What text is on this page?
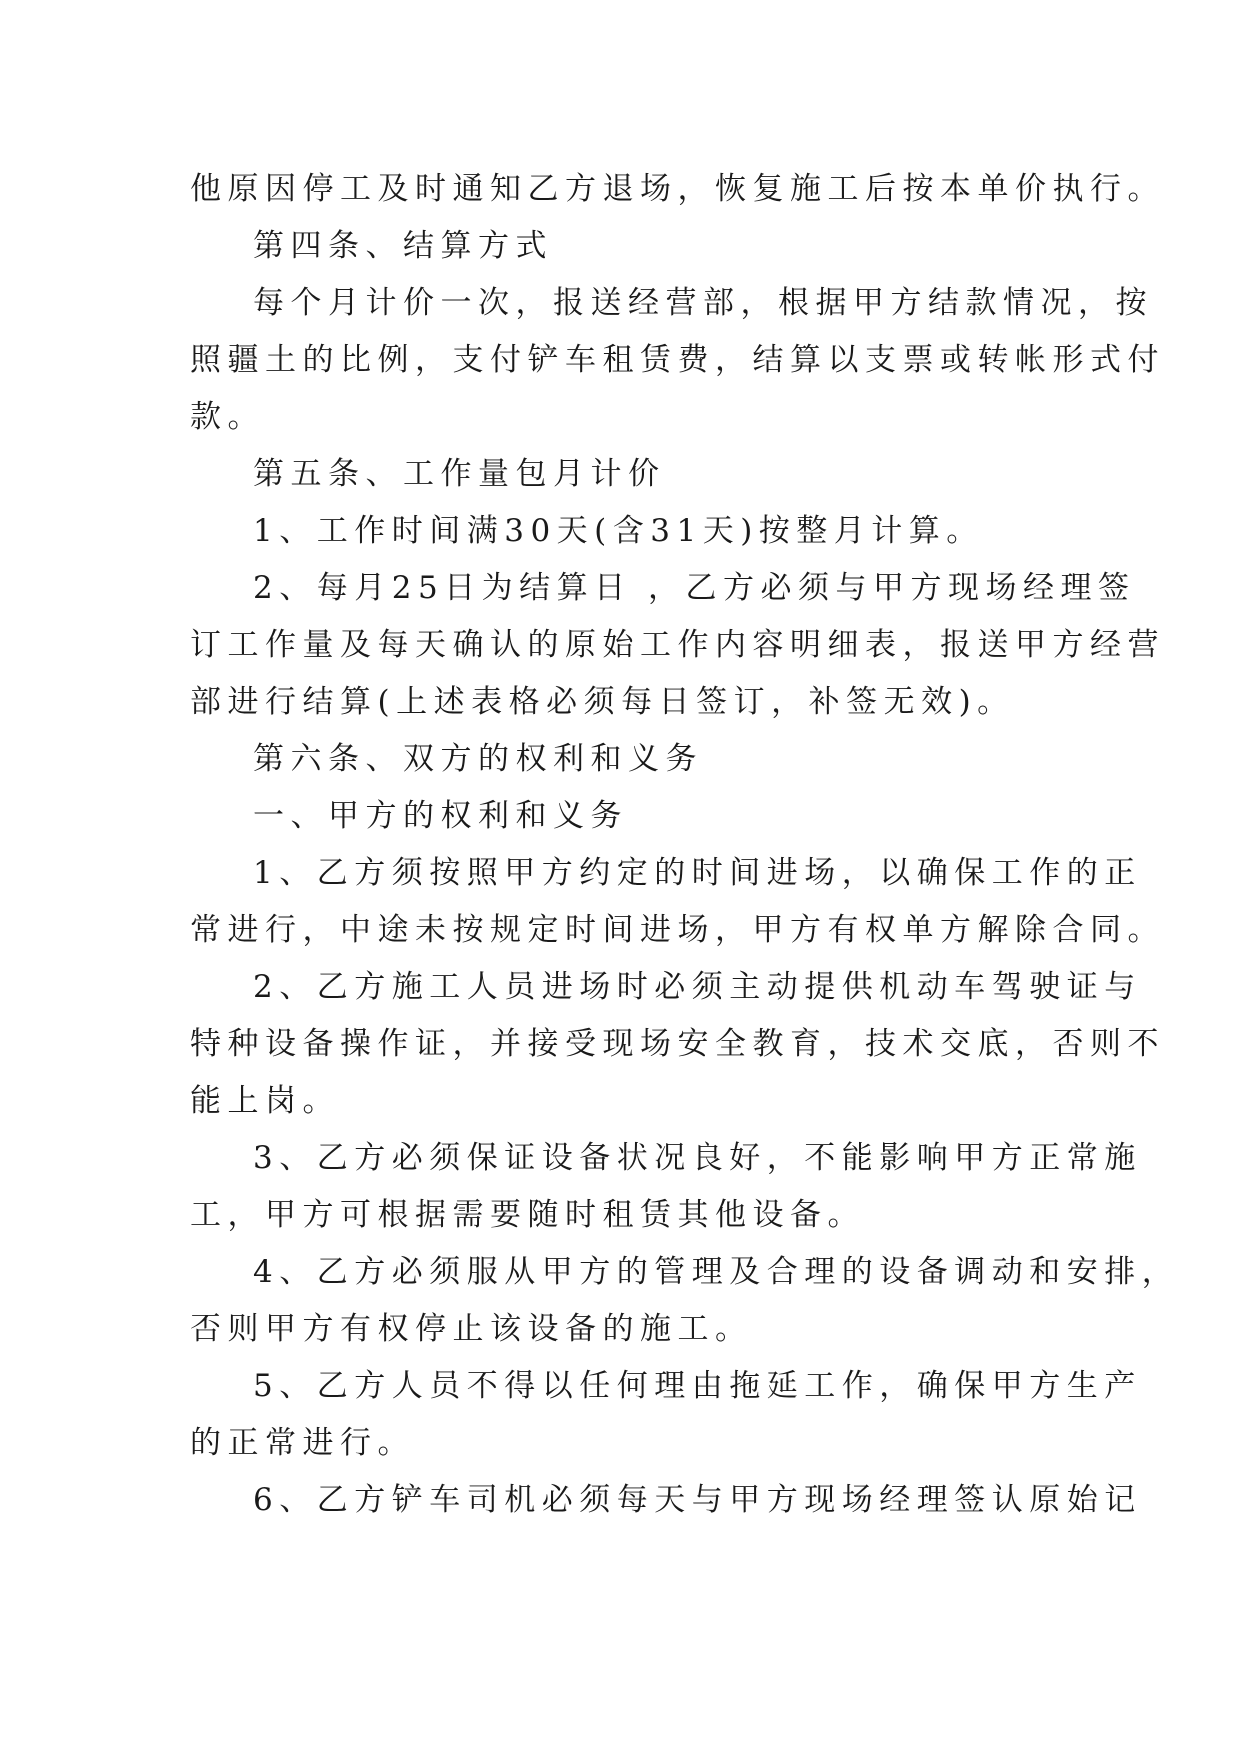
他原因停工及时通知乙方退场，恢复施工后按本单价执行。
第四条、结算方式
每个月计价一次，报送经营部，根据甲方结款情况，按
照疆土的比例，支付铲车租赁费，结算以支票或转帐形式付
款。
第五条、工作量包月计价
1、工作时间满30天(含31天)按整月计算。
2、每月25日为结算日 ，乙方必须与甲方现场经理签
订工作量及每天确认的原始工作内容明细表，报送甲方经营
部进行结算(上述表格必须每日签订，补签无效)。
第六条、双方的权利和义务
一、甲方的权利和义务
1、乙方须按照甲方约定的时间进场，以确保工作的正
常进行，中途未按规定时间进场，甲方有权单方解除合同。
2、乙方施工人员进场时必须主动提供机动车驾驶证与
特种设备操作证，并接受现场安全教育，技术交底，否则不
能上岗。
3、乙方必须保证设备状况良好，不能影响甲方正常施
工，甲方可根据需要随时租赁其他设备。
4、乙方必须服从甲方的管理及合理的设备调动和安排，
否则甲方有权停止该设备的施工。
5、乙方人员不得以任何理由拖延工作，确保甲方生产
的正常进行。
6、乙方铲车司机必须每天与甲方现场经理签认原始记
